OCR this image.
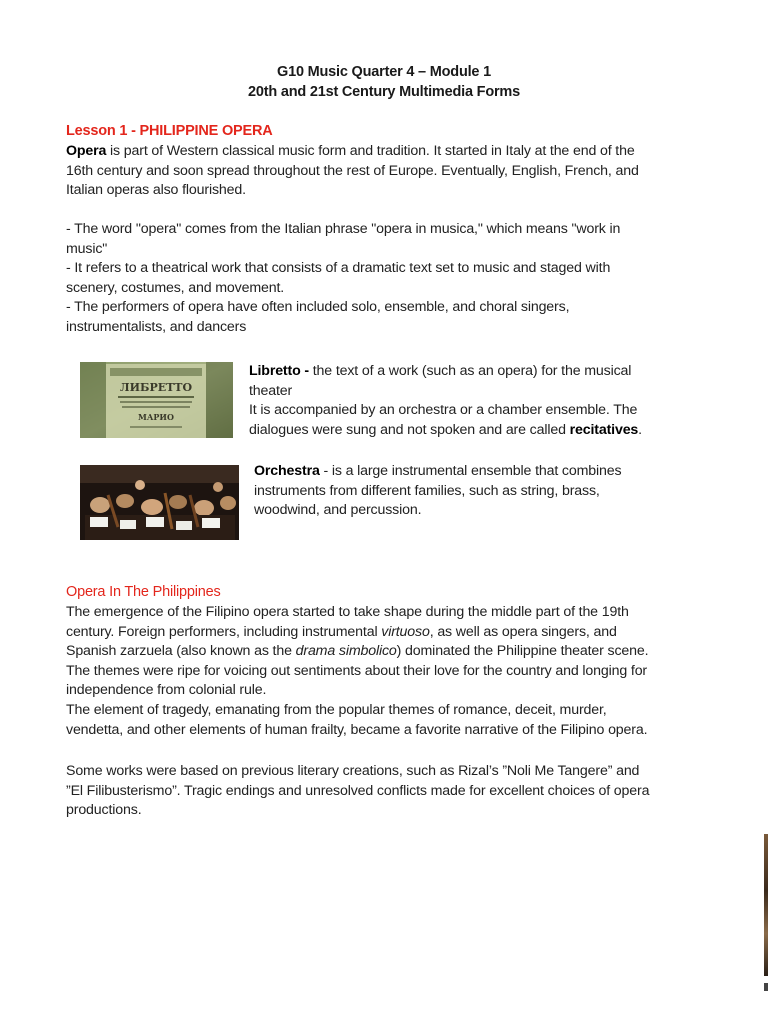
G10 Music Quarter 4 – Module 1
20th and 21st Century Multimedia Forms
Lesson 1 - PHILIPPINE OPERA
Opera is part of Western classical music form and tradition. It started in Italy at the end of the
16th century and soon spread throughout the rest of Europe. Eventually, English, French, and
Italian operas also flourished.
- The word "opera" comes from the Italian phrase "opera in musica," which means "work in
music"
- It refers to a theatrical work that consists of a dramatic text set to music and staged with
scenery, costumes, and movement.
- The performers of opera have often included solo, ensemble, and choral singers,
instrumentalists, and dancers
ЛИБРЕТТО
МАРИО
Libretto - the text of a work (such as an opera) for the musical
theater
It is accompanied by an orchestra or a chamber ensemble. The
dialogues were sung and not spoken and are called recitatives.
Orchestra - is a large instrumental ensemble that combines
instruments from different families, such as string, brass,
woodwind, and percussion.
Opera In The Philippines
The emergence of the Filipino opera started to take shape during the middle part of the 19th
century. Foreign performers, including instrumental virtuoso, as well as opera singers, and
Spanish zarzuela (also known as the drama simbolico) dominated the Philippine theater scene.
The themes were ripe for voicing out sentiments about their love for the country and longing for
independence from colonial rule.
The element of tragedy, emanating from the popular themes of romance, deceit, murder,
vendetta, and other elements of human frailty, became a favorite narrative of the Filipino opera.
Some works were based on previous literary creations, such as Rizal’s ”Noli Me Tangere” and
”El Filibusterismo”. Tragic endings and unresolved conflicts made for excellent choices of opera
productions.
